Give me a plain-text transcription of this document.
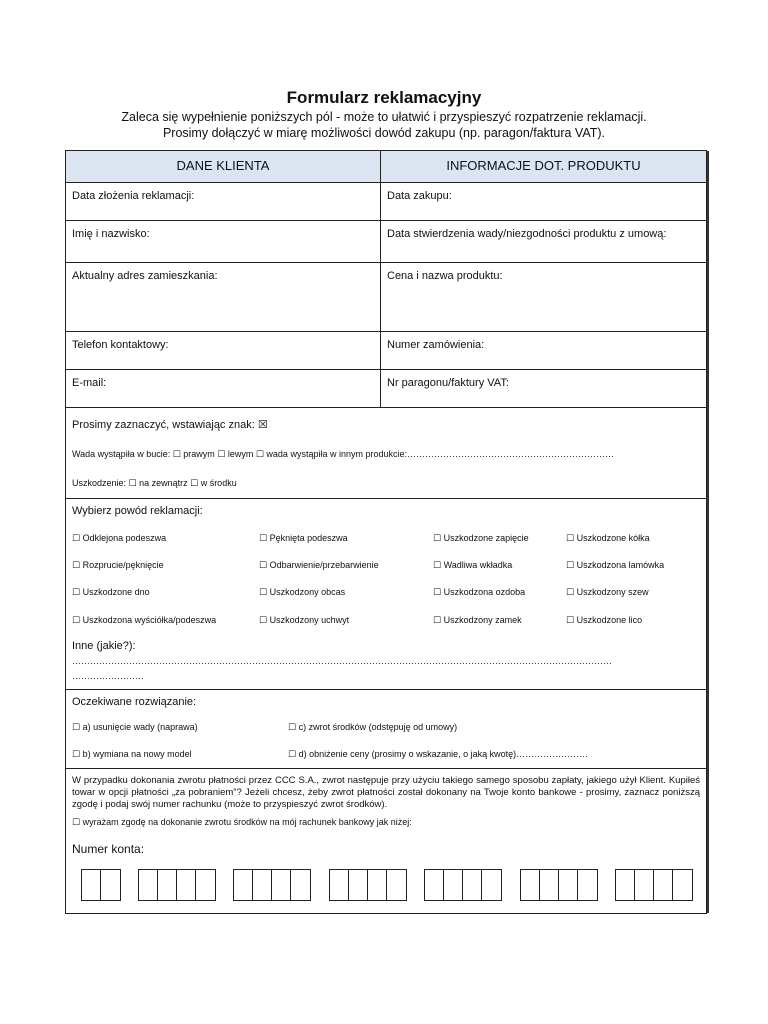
Formularz reklamacyjny
Zaleca się wypełnienie poniższych pól - może to ułatwić i przyspieszyć rozpatrzenie reklamacji.
Prosimy dołączyć w miarę możliwości dowód zakupu (np. paragon/faktura VAT).
DANE KLIENTA	INFORMACJE DOT. PRODUKTU
Data złożenia reklamacji:	Data zakupu:
Imię i nazwisko:	Data stwierdzenia wady/niezgodności produktu z umową:
Aktualny adres zamieszkania:	Cena i nazwa produktu:
Telefon kontaktowy:	Numer zamówienia:
E-mail:	Nr paragonu/faktury VAT:
Prosimy zaznaczyć, wstawiając znak: ☒
Wada wystąpiła w bucie: ☐ prawym ☐ lewym ☐ wada wystąpiła w innym produkcie:……………………………………………………………
Uszkodzenie: ☐ na zewnątrz ☐ w środku
Wybierz powód reklamacji:
☐ Odklejona podeszwa	☐ Pęknięta podeszwa	☐ Uszkodzone zapięcie	☐ Uszkodzone kółka
☐ Rozpruciе/pęknięcie	☐ Odbarwienie/przebarwienie	☐ Wadliwa wkładka	☐ Uszkodzona lamówka
☐ Uszkodzone dno	☐ Uszkodzony obcas	☐ Uszkodzona ozdoba	☐ Uszkodzony szew
☐ Uszkodzona wyściółka/podeszwa	☐ Uszkodzony uchwyt	☐ Uszkodzony zamek	☐ Uszkodzone lico
Inne (jakie?):
………………………………………………………………………………………………………………………………………………………………
……………………
Oczekiwane rozwiązanie:
☐ a) usunięcie wady (naprawa)	☐ c) zwrot środków (odstępuję od umowy)
☐ b) wymiana na nowy model	☐ d) obniżenie ceny (prosimy o wskazanie, o jaką kwotę)……………………
W przypadku dokonania zwrotu płatności przez CCC S.A., zwrot następuje przy użyciu takiego samego sposobu zapłaty, jakiego użył Klient. Kupiłeś towar w opcji płatności „za pobraniem”? Jeżeli chcesz, żeby zwrot płatności został dokonany na Twoje konto bankowe - prosimy, zaznacz poniższą zgodę i podaj swój numer rachunku (może to przyspieszyć zwrot środków).
☐ wyrażam zgodę na dokonanie zwrotu środków na mój rachunek bankowy jak niżej:
Numer konta:
